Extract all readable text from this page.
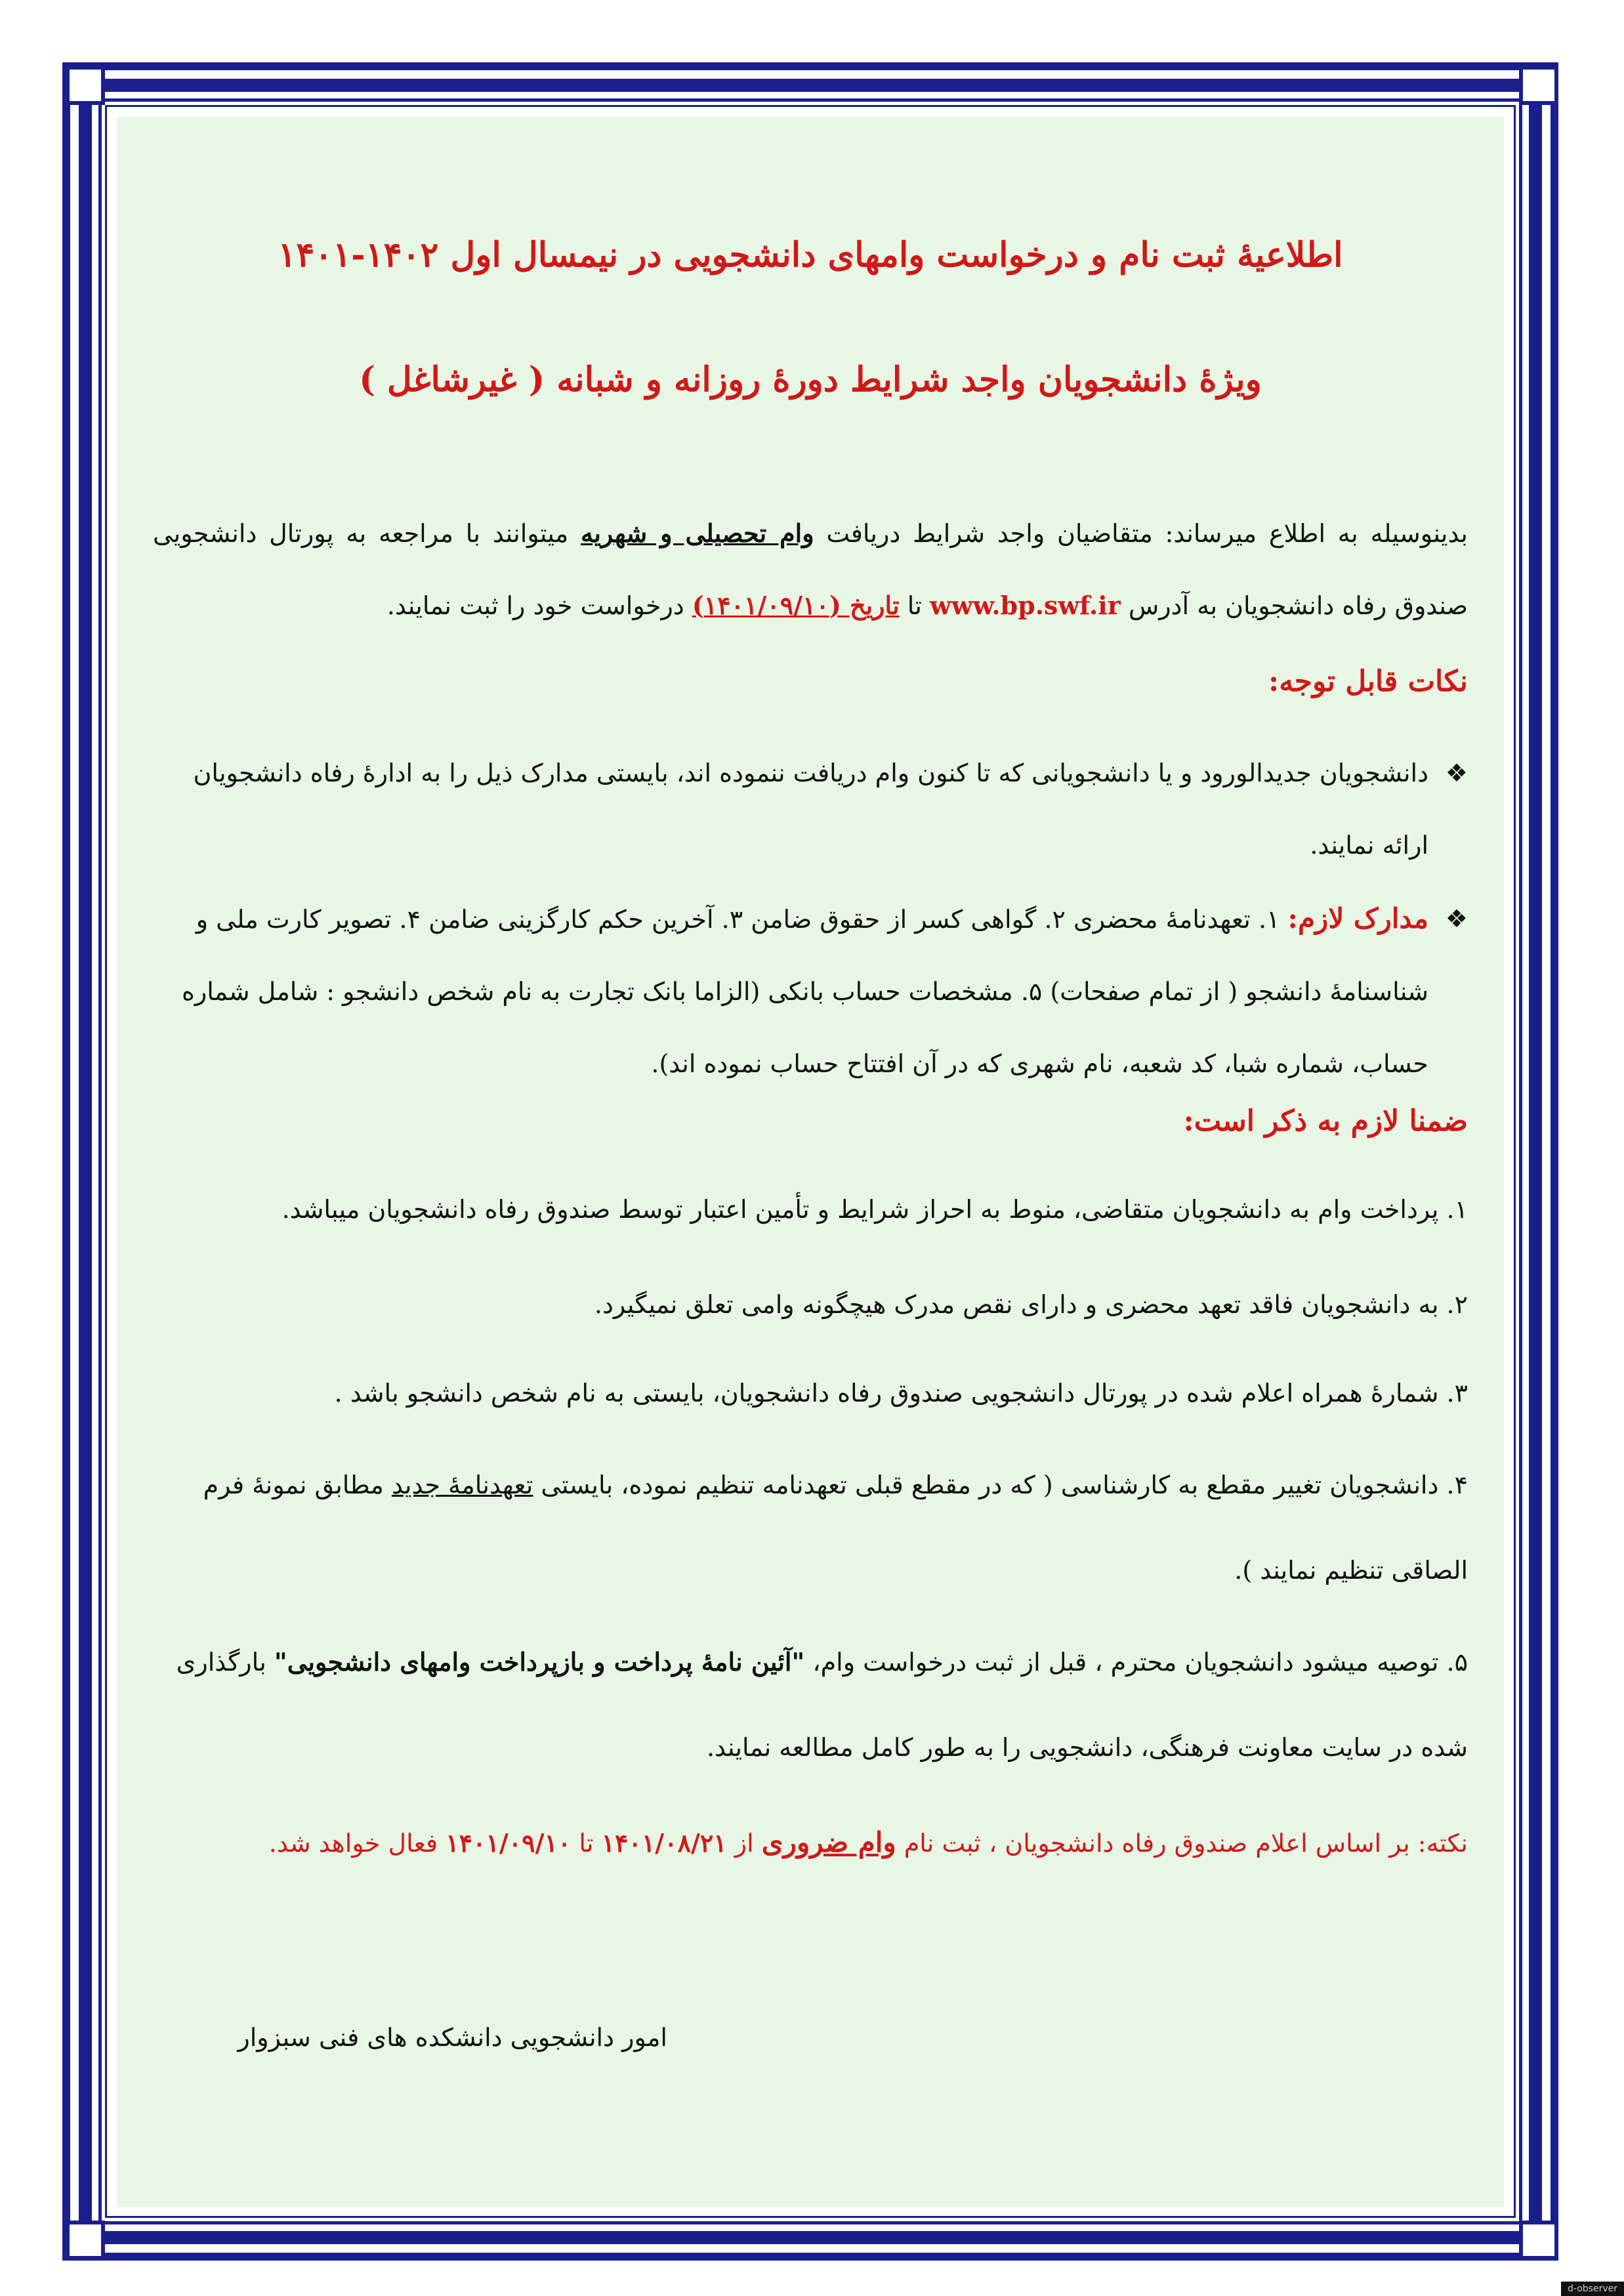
اطلاعیهٔ ثبت نام و درخواست وامهای دانشجویی در نیمسال اول ۱۴۰۲-۱۴۰۱
ویژهٔ دانشجویان واجد شرایط دورهٔ روزانه و شبانه ( غیرشاغل )
بدینوسیله به اطلاع میرساند: متقاضیان واجد شرایط دریافت وام تحصیلی و شهریه میتوانند با مراجعه به پورتال دانشجویی صندوق رفاه دانشجویان به آدرس www.bp.swf.ir تا تاریخ (۱۴۰۱/۰۹/۱۰) درخواست خود را ثبت نمایند.
نکات قابل توجه:
❖
دانشجویان جدیدالورود و یا دانشجویانی که تا کنون وام دریافت ننموده اند، بایستی مدارک ذیل را به ادارهٔ رفاه دانشجویان ارائه نمایند.
❖
مدارک لازم: ۱. تعهدنامهٔ محضری ۲. گواهی کسر از حقوق ضامن ۳. آخرین حکم کارگزینی ضامن ۴. تصویر کارت ملی و شناسنامهٔ دانشجو ( از تمام صفحات) ۵. مشخصات حساب بانکی (الزاما بانک تجارت به نام شخص دانشجو : شامل شماره حساب، شماره شبا، کد شعبه، نام شهری که در آن افتتاح حساب نموده اند).
ضمنا لازم به ذکر است:
۱. پرداخت وام به دانشجویان متقاضی، منوط به احراز شرایط و تأمین اعتبار توسط صندوق رفاه دانشجویان میباشد.
۲. به دانشجویان فاقد تعهد محضری و دارای نقص مدرک هیچگونه وامی تعلق نمیگیرد.
۳. شمارهٔ همراه اعلام شده در پورتال دانشجویی صندوق رفاه دانشجویان، بایستی به نام شخص دانشجو باشد .
۴. دانشجویان تغییر مقطع به کارشناسی ( که در مقطع قبلی تعهدنامه تنظیم نموده، بایستی تعهدنامهٔ جدید مطابق نمونهٔ فرم الصاقی تنظیم نمایند ).
۵. توصیه میشود دانشجویان محترم ، قبل از ثبت درخواست وام، "آئین نامهٔ پرداخت و بازپرداخت وامهای دانشجویی" بارگذاری شده در سایت معاونت فرهنگی، دانشجویی را به طور کامل مطالعه نمایند.
نکته: بر اساس اعلام صندوق رفاه دانشجویان ، ثبت نام وام ضروری از ۱۴۰۱/۰۸/۲۱ تا ۱۴۰۱/۰۹/۱۰ فعال خواهد شد.
امور دانشجویی دانشکده های فنی سبزوار
d-observer
